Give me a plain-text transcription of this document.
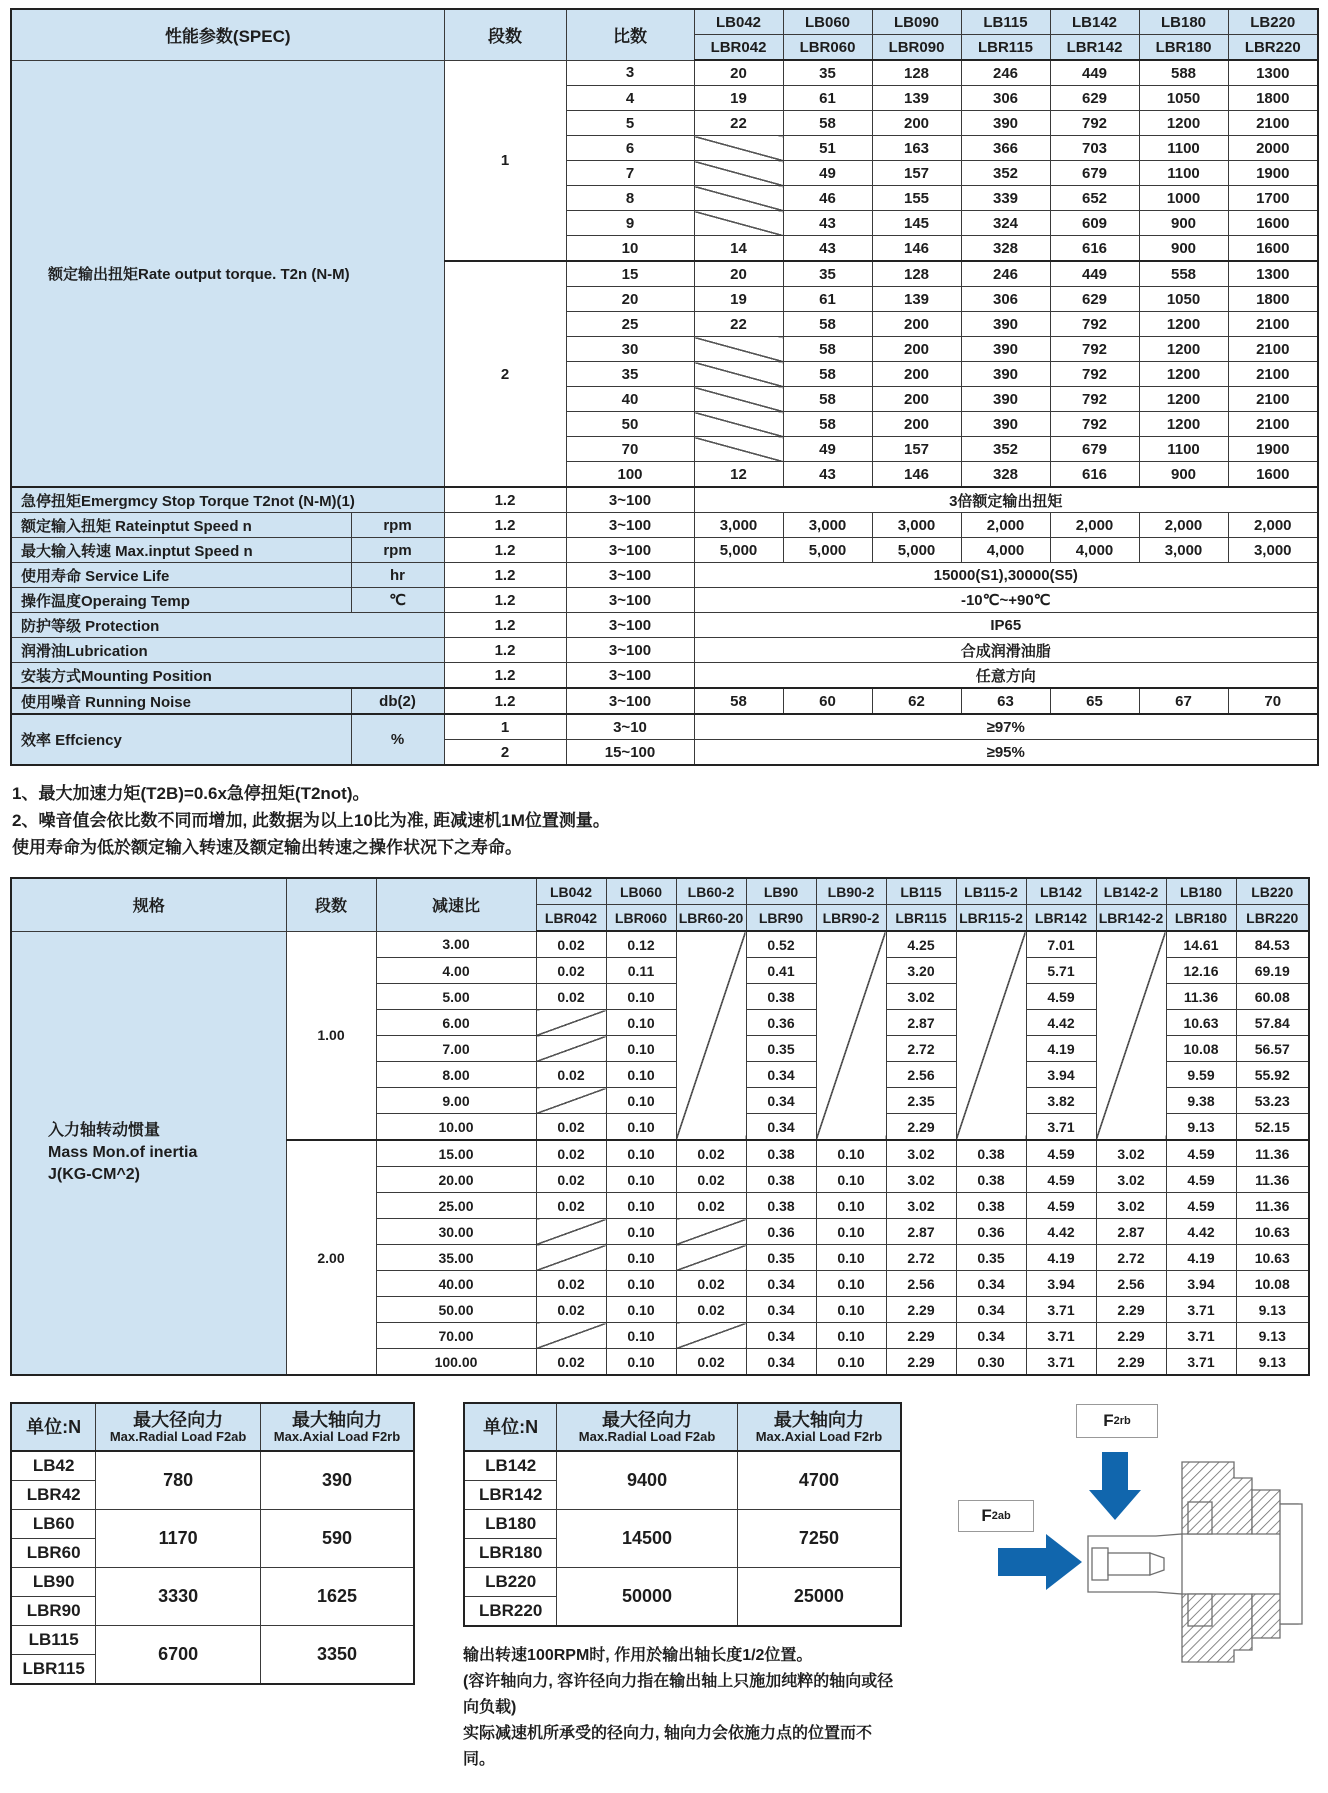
性能参数(SPEC)		段数	比数	LB042	LB060	LB090	LB115	LB142	LB180	LB220
				LBR042	LBR060	LBR090	LBR115	LBR142	LBR180	LBR220
额定输出扭矩Rate output torque. T2n (N-M)		1	3	20	35	128	246	449	588	1300
			4	19	61	139	306	629	1050	1800
			5	22	58	200	390	792	1200	2100
			6		51	163	366	703	1100	2000
			7		49	157	352	679	1100	1900
			8		46	155	339	652	1000	1700
			9		43	145	324	609	900	1600
			10	14	43	146	328	616	900	1600
		2	15	20	35	128	246	449	558	1300
			20	19	61	139	306	629	1050	1800
			25	22	58	200	390	792	1200	2100
			30		58	200	390	792	1200	2100
			35		58	200	390	792	1200	2100
			40		58	200	390	792	1200	2100
			50		58	200	390	792	1200	2100
			70		49	157	352	679	1100	1900
			100	12	43	146	328	616	900	1600
急停扭矩Emergmcy Stop Torque T2not (N-M)(1)		1.2	3~100	3倍额定输出扭矩						
额定输入扭矩 Rateinptut Speed n	rpm	1.2	3~100	3,000	3,000	3,000	2,000	2,000	2,000	2,000
最大输入转速 Max.inptut Speed n	rpm	1.2	3~100	5,000	5,000	5,000	4,000	4,000	3,000	3,000
使用寿命 Service Life	hr	1.2	3~100	15000(S1),30000(S5)						
操作温度Operaing Temp	℃	1.2	3~100	-10℃~+90℃						
防护等级 Protection		1.2	3~100	IP65						
润滑油Lubrication		1.2	3~100	合成润滑油脂						
安装方式Mounting Position		1.2	3~100	任意方向						
使用噪音 Running Noise	db(2)	1.2	3~100	58	60	62	63	65	67	70
效率 Effciency	%	1	3~10	≥97%						
		2	15~100	≥95%						
1、最大加速力矩(T2B)=0.6x急停扭矩(T2not)。
2、噪音值会依比数不同而增加, 此数据为以上10比为准, 距减速机1M位置测量。
使用寿命为低於额定输入转速及额定输出转速之操作状况下之寿命。
规格	段数	减速比	LB042	LB060	LB60-2	LB90	LB90-2	LB115	LB115-2	LB142	LB142-2	LB180	LB220
			LBR042	LBR060	LBR60-20	LBR90	LBR90-2	LBR115	LBR115-2	LBR142	LBR142-2	LBR180	LBR220

入力轴转动惯量
Mass Mon.of inertia
J(KG-CM^2)	1.00	3.00	0.02	0.12		0.52		4.25		7.01		14.61	84.53
		4.00	0.02	0.11		0.41		3.20		5.71		12.16	69.19
		5.00	0.02	0.10		0.38		3.02		4.59		11.36	60.08
		6.00		0.10		0.36		2.87		4.42		10.63	57.84
		7.00		0.10		0.35		2.72		4.19		10.08	56.57
		8.00	0.02	0.10		0.34		2.56		3.94		9.59	55.92
		9.00		0.10		0.34		2.35		3.82		9.38	53.23
		10.00	0.02	0.10		0.34		2.29		3.71		9.13	52.15
	2.00	15.00	0.02	0.10	0.02	0.38	0.10	3.02	0.38	4.59	3.02	4.59	11.36
		20.00	0.02	0.10	0.02	0.38	0.10	3.02	0.38	4.59	3.02	4.59	11.36
		25.00	0.02	0.10	0.02	0.38	0.10	3.02	0.38	4.59	3.02	4.59	11.36
		30.00		0.10		0.36	0.10	2.87	0.36	4.42	2.87	4.42	10.63
		35.00		0.10		0.35	0.10	2.72	0.35	4.19	2.72	4.19	10.63
		40.00	0.02	0.10	0.02	0.34	0.10	2.56	0.34	3.94	2.56	3.94	10.08
		50.00	0.02	0.10	0.02	0.34	0.10	2.29	0.34	3.71	2.29	3.71	9.13
		70.00		0.10		0.34	0.10	2.29	0.34	3.71	2.29	3.71	9.13
		100.00	0.02	0.10	0.02	0.34	0.10	2.29	0.30	3.71	2.29	3.71	9.13
单位:N	最大径向力
Max.Radial Load F2ab

最大轴向力
Max.Axial Load F2rb

LB42	780	390
LBR42		
LB60	1170	590
LBR60		
LB90	3330	1625
LBR90		
LB115	6700	3350
LBR115		
单位:N	最大径向力
Max.Radial Load F2ab

最大轴向力
Max.Axial Load F2rb

LB142	9400	4700
LBR142		
LB180	14500	7250
LBR180		
LB220	50000	25000
LBR220		
输出转速100RPM时, 作用於输出轴长度1/2位置。
(容许轴向力, 容许径向力指在输出轴上只施加纯粹的轴向或径向负载)
实际减速机所承受的径向力, 轴向力会依施力点的位置而不同。
F 2rb
F 2ab
